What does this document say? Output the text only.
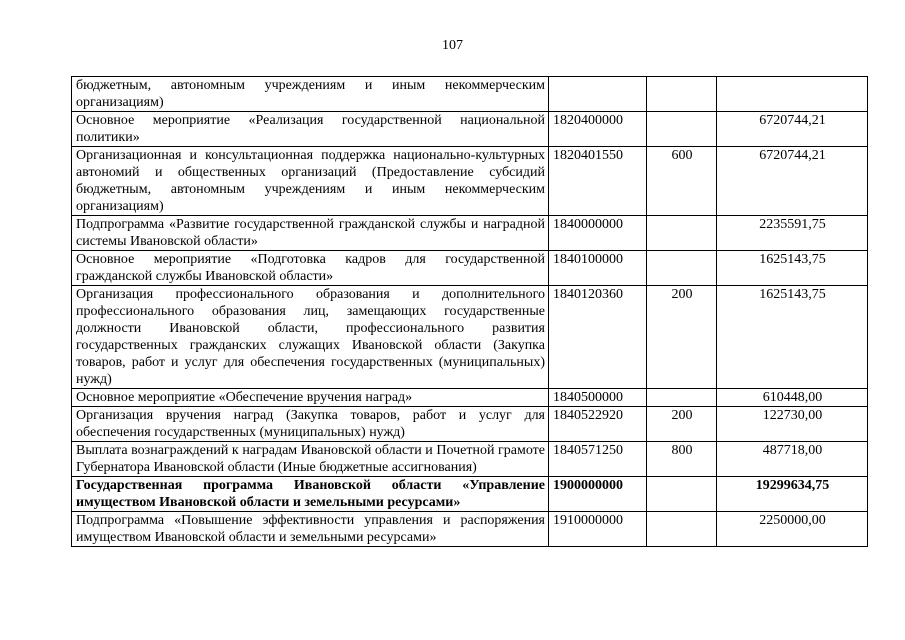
107
бюджетным, автономным учреждениям и иным некоммерческим организациям)			
Основное мероприятие «Реализация государственной национальной политики»	1820400000		6720744,21
Организационная и консультационная поддержка национально-культурных автономий и общественных организаций (Предоставление субсидий бюджетным, автономным учреждениям и иным некоммерческим организациям)	1820401550	600	6720744,21
Подпрограмма «Развитие государственной гражданской службы и наградной системы Ивановской области»	1840000000		2235591,75
Основное мероприятие «Подготовка кадров для государственной гражданской службы Ивановской области»	1840100000		1625143,75
Организация профессионального образования и дополнительного профессионального образования лиц, замещающих государственные должности Ивановской области, профессионального развития государственных гражданских служащих Ивановской области (Закупка товаров, работ и услуг для обеспечения государственных (муниципальных) нужд)	1840120360	200	1625143,75
Основное мероприятие «Обеспечение вручения наград»	1840500000		610448,00
Организация вручения наград (Закупка товаров, работ и услуг для обеспечения государственных (муниципальных) нужд)	1840522920	200	122730,00
Выплата вознаграждений к наградам Ивановской области и Почетной грамоте Губернатора Ивановской области (Иные бюджетные ассигнования)	1840571250	800	487718,00
Государственная программа Ивановской области «Управление имуществом Ивановской области и земельными ресурсами»	1900000000		19299634,75
Подпрограмма «Повышение эффективности управления и распоряжения имуществом Ивановской области и земельными ресурсами»	1910000000		2250000,00
